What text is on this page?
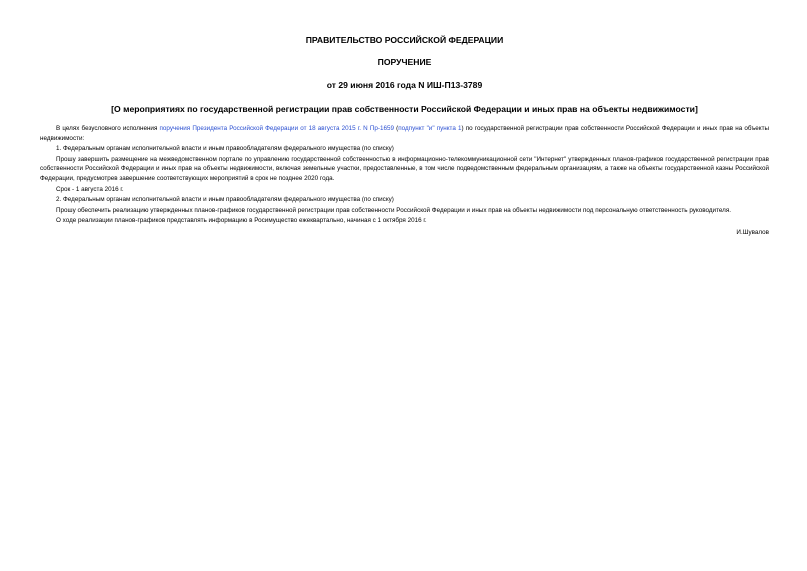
ПРАВИТЕЛЬСТВО РОССИЙСКОЙ ФЕДЕРАЦИИ

ПОРУЧЕНИЕ

от 29 июня 2016 года N ИШ-П13-3789

[О мероприятиях по государственной регистрации прав собственности Российской Федерации и иных прав на объекты недвижимости]

В целях безусловного исполнения поручения Президента Российской Федерации от 18 августа 2015 г. N Пр-1659 (подпункт "и" пункта 1) по государственной регистрации прав собственности Российской Федерации и иных прав на объекты недвижимости:

1. Федеральным органам исполнительной власти и иным правообладателям федерального имущества (по списку)

Прошу завершить размещение на межведомственном портале по управлению государственной собственностью в информационно-телекоммуникационной сети "Интернет" утвержденных планов-графиков государственной регистрации прав собственности Российской Федерации и иных прав на объекты недвижимости, включая земельные участки, предоставленные, в том числе подведомственным федеральным организациям, а также на объекты государственной казны Российской Федерации, предусмотрев завершение соответствующих мероприятий в срок не позднее 2020 года.

Срок - 1 августа 2016 г.

2. Федеральным органам исполнительной власти и иным правообладателям федерального имущества (по списку)

Прошу обеспечить реализацию утвержденных планов-графиков государственной регистрации прав собственности Российской Федерации и иных прав на объекты недвижимости под персональную ответственность руководителя.

О ходе реализации планов-графиков представлять информацию в Росимущество ежеквартально, начиная с 1 октября 2016 г.

И.Шувалов
